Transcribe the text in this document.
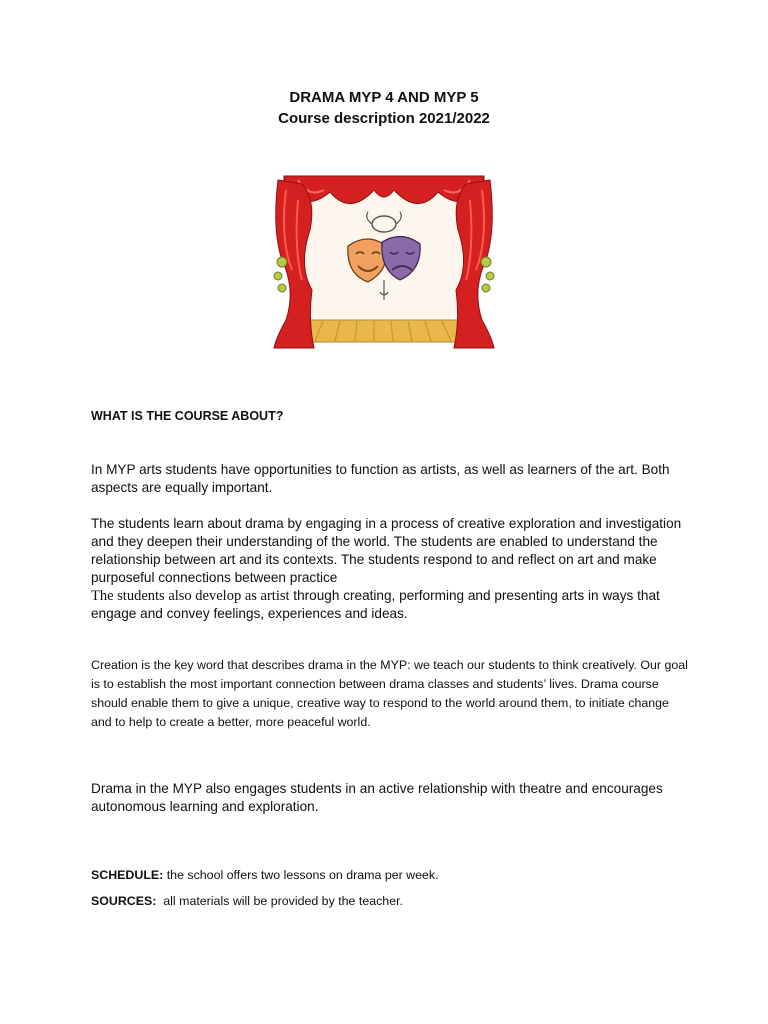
DRAMA MYP 4 AND MYP 5
Course description 2021/2022
WHAT IS THE COURSE ABOUT?
In MYP arts students have opportunities to function as artists, as well as learners of the art. Both aspects are equally important.
The students learn about drama by engaging in a process of creative exploration and investigation and they deepen their understanding of the world. The students are enabled to understand the relationship between art and its contexts. The students respond to and reflect on art and make purposeful connections between practice
The students also develop as artist through creating, performing and presenting arts in ways that engage and convey feelings, experiences and ideas.
Creation is the key word that describes drama in the MYP: we teach our students to think creatively. Our goal is to establish the most important connection between drama classes and students’ lives. Drama course should enable them to give a unique, creative way to respond to the world around them, to initiate change and to help to create a better, more peaceful world.
Drama in the MYP also engages students in an active relationship with theatre and encourages autonomous learning and exploration.
SCHEDULE: the school offers two lessons on drama per week.
SOURCES:  all materials will be provided by the teacher.
